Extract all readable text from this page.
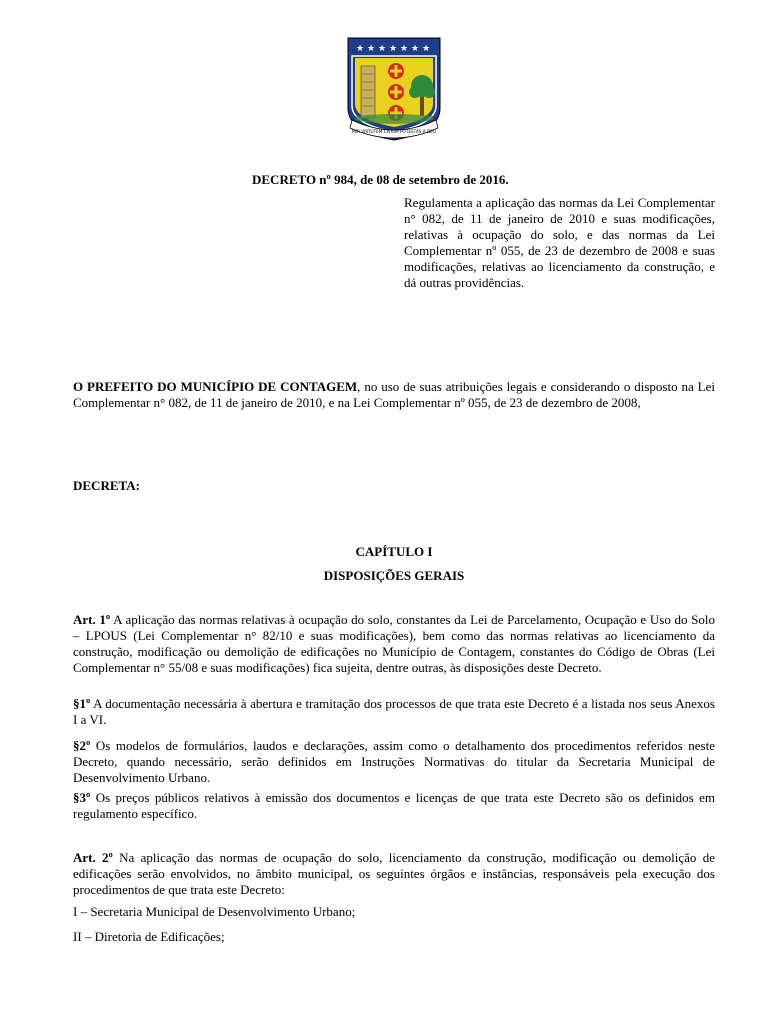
★ ★ ★ ★ ★ ★ ★
PER VIRTUTEM CIVIUM POTESTAS A DEO
DECRETO nº 984, de 08 de setembro de 2016.
Regulamenta a aplicação das normas da Lei Complementar n° 082, de 11 de janeiro de 2010 e suas modificações, relativas à ocupação do solo, e das normas da Lei Complementar nº 055, de 23 de dezembro de 2008 e suas modificações, relativas ao licenciamento da construção, e dá outras providências.

O PREFEITO DO MUNICÍPIO DE CONTAGEM, no uso de suas atribuições legais e considerando o disposto na Lei Complementar n° 082, de 11 de janeiro de 2010, e na Lei Complementar nº 055, de 23 de dezembro de 2008,

DECRETA:
CAPÍTULO I
DISPOSIÇÕES GERAIS

Art. 1º A aplicação das normas relativas à ocupação do solo, constantes da Lei de Parcelamento, Ocupação e Uso do Solo – LPOUS (Lei Complementar n° 82/10 e suas modificações), bem como das normas relativas ao licenciamento da construção, modificação ou demolição de edificações no Município de Contagem, constantes do Código de Obras (Lei Complementar n° 55/08 e suas modificações) fica sujeita, dentre outras, às disposições deste Decreto.

§1º A documentação necessária à abertura e tramitação dos processos de que trata este Decreto é a listada nos seus Anexos I a VI.

§2º Os modelos de formulários, laudos e declarações, assim como o detalhamento dos procedimentos referidos neste Decreto, quando necessário, serão definidos em Instruções Normativas do titular da Secretaria Municipal de Desenvolvimento Urbano.

§3º Os preços públicos relativos à emissão dos documentos e licenças de que trata este Decreto são os definidos em regulamento específico.

Art. 2º Na aplicação das normas de ocupação do solo, licenciamento da construção, modificação ou demolição de edificações serão envolvidos, no âmbito municipal, os seguintes órgãos e instâncias, responsáveis pela execução dos procedimentos de que trata este Decreto:

I – Secretaria Municipal de Desenvolvimento Urbano;
II – Diretoria de Edificações;
